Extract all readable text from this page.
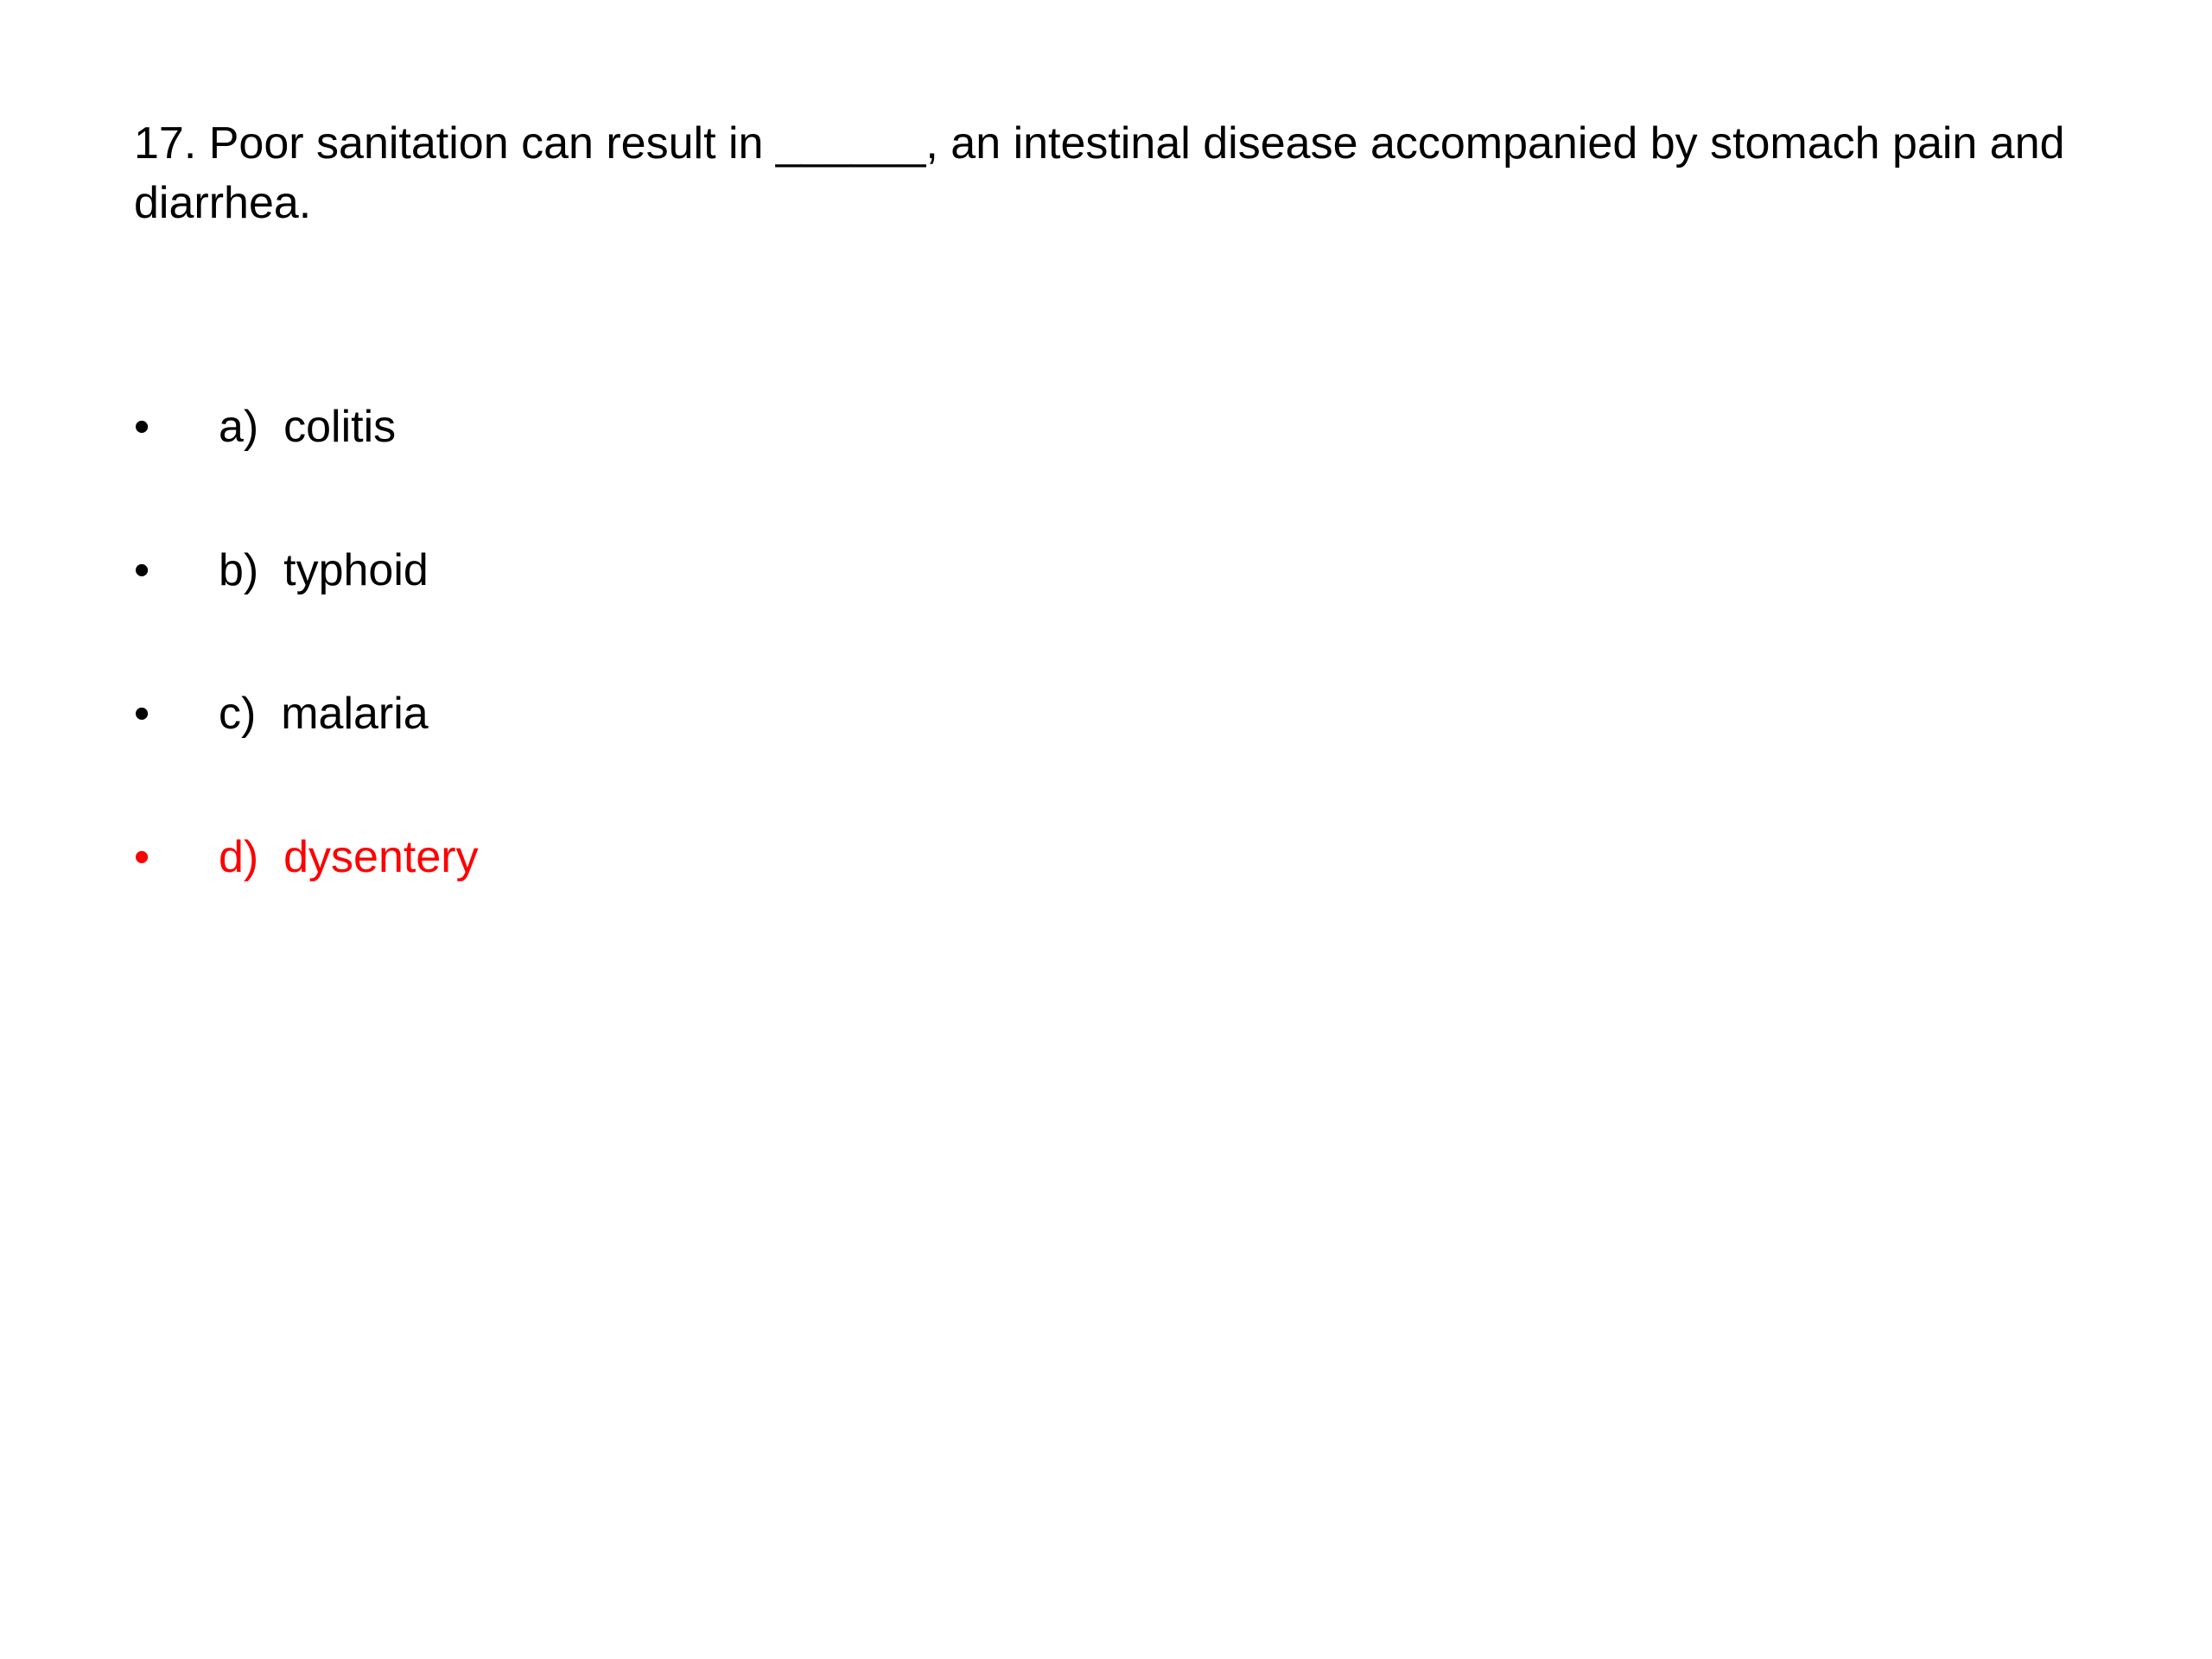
17. Poor sanitation can result in ______, an intestinal disease accompanied by stomach pain and diarrhea.

• a)  colitis
• b)  typhoid
• c)  malaria
• d)  dysentery
